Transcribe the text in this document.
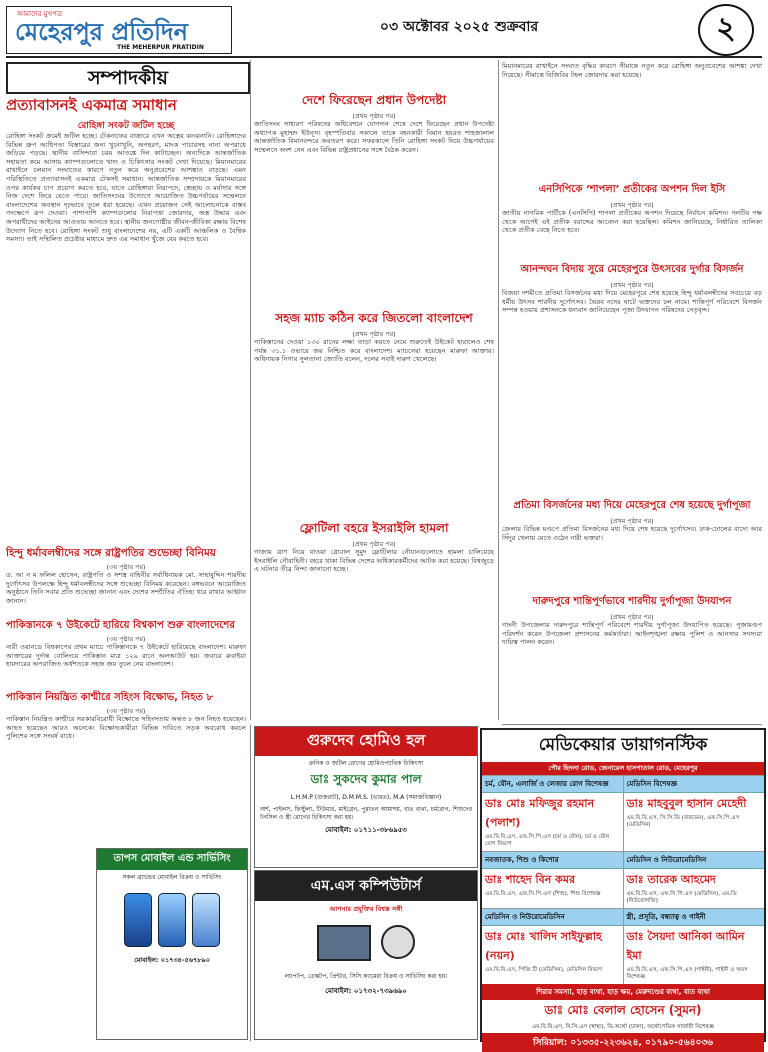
আমাদের মুখপত্র
মেহেরপুর প্রতিদিন
THE MEHERPUR PRATIDIN
০৩ অক্টোবর ২০২৫ শুক্রবার	২
সম্পাদকীয়
প্রত্যাবাসনই একমাত্র সমাধান
রোহিঙ্গা সংকট জটিল হচ্ছে
রোহিঙ্গা সংকট ক্রমেই জটিল হচ্ছে। টেকনাফের বাজারে এখন অস্ত্রের ঝনঝনানি। রোহিঙ্গাদের বিভিন্ন গ্রুপ আধিপত্য বিস্তারের জন্য খুনোখুনি, অপহরণ, মাদক পাচারসহ নানা অপরাধে জড়িয়ে পড়ছে। স্থানীয় বাসিন্দারা চরম আতঙ্কে দিন কাটাচ্ছেন। অন্যদিকে আন্তর্জাতিক সহায়তা কমে আসায় ক্যাম্পগুলোতে খাদ্য ও চিকিৎসার সংকট দেখা দিয়েছে। মিয়ানমারের রাখাইনে চলমান সংঘাতের কারণে নতুন করে অনুপ্রবেশের আশঙ্কাও বাড়ছে। এমন পরিস্থিতিতে প্রত্যাবাসনই একমাত্র টেকসই সমাধান। আন্তর্জাতিক সম্প্রদায়কে মিয়ানমারের ওপর কার্যকর চাপ প্রয়োগ করতে হবে, যাতে রোহিঙ্গারা নিরাপদে, স্বেচ্ছায় ও মর্যাদার সঙ্গে নিজ দেশে ফিরে যেতে পারে। জাতিসংঘের উদ্যোগে আয়োজিত উচ্চপর্যায়ের সম্মেলনে বাংলাদেশের অবস্থান দৃঢ়ভাবে তুলে ধরা হয়েছে। এখন প্রয়োজন সেই আলোচনাকে বাস্তব পদক্ষেপে রূপ দেওয়া। পাশাপাশি ক্যাম্পগুলোর নিরাপত্তা জোরদার, অস্ত্র উদ্ধার এবং অপরাধীদের আইনের আওতায় আনতে হবে। স্থানীয় জনগোষ্ঠীর জীবন-জীবিকা রক্ষায় বিশেষ উদ্যোগ নিতে হবে। রোহিঙ্গা সংকট শুধু বাংলাদেশের নয়, এটি একটি আঞ্চলিক ও বৈশ্বিক সমস্যা। তাই সম্মিলিত প্রচেষ্টার মাধ্যমে দ্রুত এর সমাধান খুঁজে বের করতে হবে।
হিন্দু ধর্মাবলম্বীদের সঙ্গে রাষ্ট্রপতির শুভেচ্ছা বিনিময়
(৩য় পৃষ্ঠার পর)
ড. আ ন ম ফলিল হোসেন, রাষ্ট্রপতি ও সশস্ত্র বাহিনীর সর্বাধিনায়ক মো. সাহাবুদ্দিন শারদীয় দুর্গোৎসব উপলক্ষে হিন্দু ধর্মাবলম্বীদের সঙ্গে শুভেচ্ছা বিনিময় করেছেন। বঙ্গভবনে আয়োজিত অনুষ্ঠানে তিনি সবার প্রতি শুভেচ্ছা জানান এবং দেশের সম্প্রীতির ঐতিহ্য ধরে রাখার আহ্বান জানান।
পাকিস্তানকে ৭ উইকেটে হারিয়ে বিশ্বকাপ শুরু বাংলাদেশের
(৩য় পৃষ্ঠার পর)
নারী ওয়ানডে বিশ্বকাপের প্রথম ম্যাচে পাকিস্তানকে ৭ উইকেটে হারিয়েছে বাংলাদেশ। মারুফা আক্তারের দুর্দান্ত বোলিংয়ে পাকিস্তান মাত্র ১২৯ রানে অলআউট হয়। জবাবে রুবাইয়া হায়দারের অপরাজিত অর্ধশতকে সহজ জয় তুলে নেয় বাংলাদেশ।
পাকিস্তান নিয়ন্ত্রিত কাশ্মীরে সহিংস বিক্ষোভ, নিহত ৮
(৩য় পৃষ্ঠার পর)
পাকিস্তান নিয়ন্ত্রিত কাশ্মীরে সরকারবিরোধী বিক্ষোভে সহিংসতায় অন্তত ৮ জন নিহত হয়েছেন। আহত হয়েছেন আরও অনেকে। বিক্ষোভকারীরা বিভিন্ন দাবিতে সড়ক অবরোধ করলে পুলিশের সঙ্গে সংঘর্ষ বাধে।
তাপস মোবাইল এন্ড সার্ভিসিং
সকল ব্র্যান্ডের মোবাইল বিক্রয় ও সার্ভিসিং
মোবাইল: ০১৭৩৪-৫৬৭৮৯০
দেশে ফিরেছেন প্রধান উপদেষ্টা
(প্রথম পৃষ্ঠার পর)
জাতিসংঘ সাধারণ পরিষদের অধিবেশনে যোগদান শেষে দেশে ফিরেছেন প্রধান উপদেষ্টা অধ্যাপক মুহাম্মদ ইউনূস। বৃহস্পতিবার সকালে তাকে বহনকারী বিমান হযরত শাহজালাল আন্তর্জাতিক বিমানবন্দরে অবতরণ করে। সফরকালে তিনি রোহিঙ্গা সংকট নিয়ে উচ্চপর্যায়ের সম্মেলনে অংশ নেন এবং বিভিন্ন রাষ্ট্রপ্রধানের সঙ্গে বৈঠক করেন।
সহজ ম্যাচ কঠিন করে জিতলো বাংলাদেশ
(প্রথম পৃষ্ঠার পর)
পাকিস্তানের দেওয়া ১৩০ রানের লক্ষ্য তাড়া করতে নেমে শুরুতেই উইকেট হারালেও শেষ পর্যন্ত ৩১.১ ওভারে জয় নিশ্চিত করে বাংলাদেশ। ম্যাচসেরা হয়েছেন মারুফা আক্তার। অধিনায়ক নিগার সুলতানা জ্যোতি বলেন, দলের সবাই দারুণ খেলেছে।
ফ্লোটিলা বহরে ইসরাইলি হামলা
(প্রথম পৃষ্ঠার পর)
গাজায় ত্রাণ নিয়ে যাওয়া গ্লোবাল সুমুদ ফ্লোটিলার নৌযানগুলোতে হামলা চালিয়েছে ইসরাইলি নৌবাহিনী। বহরে থাকা বিভিন্ন দেশের অধিকারকর্মীদের আটক করা হয়েছে। বিশ্বজুড়ে এ ঘটনার তীব্র নিন্দা জানানো হচ্ছে।
আনন্দঘন বিদায় সুরে মেহেরপুরে উৎসবের দুর্গার বিসর্জন
(প্রথম পৃষ্ঠার পর)
বিজয়া দশমীতে প্রতিমা বিসর্জনের মধ্য দিয়ে মেহেরপুরে শেষ হয়েছে হিন্দু ধর্মাবলম্বীদের সবচেয়ে বড় ধর্মীয় উৎসব শারদীয় দুর্গোৎসব। ভৈরব নদের ঘাটে ভক্তদের ঢল নামে। শান্তিপূর্ণ পরিবেশে বিসর্জন সম্পন্ন হওয়ায় প্রশাসনকে ধন্যবাদ জানিয়েছেন পূজা উদযাপন পরিষদের নেতৃবৃন্দ।
প্রতিমা বিসর্জনের মধ্য দিয়ে মেহেরপুরে শেষ হয়েছে দুর্গাপূজা
(প্রথম পৃষ্ঠার পর)
জেলার বিভিন্ন মণ্ডপে প্রতিমা বিসর্জনের মধ্য দিয়ে শেষ হয়েছে দুর্গোৎসব। ঢাক-ঢোলের বাদ্যে আর সিঁদুর খেলায় মেতে ওঠেন নারী ভক্তরা।
দারুদপুরে শান্তিপূর্ণভাবে শারদীয় দুর্গাপূজা উদযাপন
(প্রথম পৃষ্ঠার পর)
গাংনী উপজেলার দারুদপুরে শান্তিপূর্ণ পরিবেশে শারদীয় দুর্গাপূজা উদযাপিত হয়েছে। পূজামণ্ডপ পরিদর্শন করেন উপজেলা প্রশাসনের কর্মকর্তারা। আইনশৃঙ্খলা রক্ষায় পুলিশ ও আনসার সদস্যরা দায়িত্ব পালন করেন।
মিয়ানমারের রাখাইনে সংঘাত বৃদ্ধির কারণে সীমান্তে নতুন করে রোহিঙ্গা অনুপ্রবেশের আশঙ্কা দেখা দিয়েছে। সীমান্তে বিজিবির টহল জোরদার করা হয়েছে।
এনসিপিকে ‘শাপলা’ প্রতীকের অপশন দিল ইসি
(প্রথম পৃষ্ঠার পর)
জাতীয় নাগরিক পার্টিকে (এনসিপি) শাপলা প্রতীকের অপশন দিয়েছে নির্বাচন কমিশন। দলটির পক্ষ থেকে আগেই এই প্রতীক বরাদ্দের আবেদন করা হয়েছিল। কমিশন জানিয়েছে, নির্ধারিত তালিকা থেকে প্রতীক বেছে নিতে হবে।
গুরুদেব হোমিও হল
ক্রনিক ও জটিল রোগের হোমিওপ্যাথিক চিকিৎসা
ডাঃ সুকদেব কুমার পাল
L.H.M.P (গুজরাট), D.M.M.S. (ভারত), M.A (সমাজবিজ্ঞান)
অর্শ, পাইলস, ফিস্টুলা, টিউমার, মাইগ্রেন, পুরাতন আমাশয়, বাত ব্যথা, চর্মরোগ, শিশুদের টনসিল ও স্ত্রী রোগের চিকিৎসা করা হয়।
মোবাইল: ০১৭১১-৩৮৬৯৫৩
এম.এস কম্পিউটার্স
আপনার প্রযুক্তির বিশ্বস্ত সঙ্গী
ল্যাপটপ, ডেস্কটপ, প্রিন্টার, সিসি ক্যামেরা বিক্রয় ও সার্ভিসিং করা হয়।
মোবাইল: ০১৭৩২-৭৩৯৬৯০
মেডিকেয়ার ডায়াগনস্টিক
পৌর ছিদলা রোড, জেনারেল হাসপাতাল রোড, মেহেরপুর
চর্ম, যৌন, এলার্জি ও লেজার রোগ বিশেষজ্ঞ
ডাঃ মোঃ মফিজুর রহমান (পলাশ)
এম.বি.বি.এস, এফ.সি.পি.এস (চর্ম ও যৌন), চর্ম ও যৌন রোগ বিভাগ
মেডিসিন বিশেষজ্ঞ
ডাঃ মাহবুবুল হাসান মেহেদী
এম.বি.বি.এস, সি.সি.ডি (বারডেম), এফ.সি.পি.এস (মেডিসিন)
নবজাতক, শিশু ও কিশোর
ডাঃ শাহেদ বিন কমর
এম.বি.বি.এস, এফ.সি.পি.এস (শিশু), শিশু বিশেষজ্ঞ
মেডিসিন ও নিউরোমেডিসিন
ডাঃ তারেক আহমেদ
এম.বি.বি.এস, এফ.সি.পি.এস (মেডিসিন), এম.ডি (নিউরোলজি)
মেডিসিন ও নিউরোমেডিসিন
ডাঃ মোঃ খালিদ সাইফুল্লাহ (নয়ন)
এম.বি.বি.এস, পিজি.টি (মেডিসিন), মেডিসিন বিভাগ
স্ত্রী, প্রসূতি, বন্ধ্যাত্ব ও গাইনী
ডাঃ সৈয়দা আনিকা আমিন ইমা
এম.বি.বি.এস, এফ.সি.পি.এস (গাইনী), গাইনী ও অবস বিশেষজ্ঞ
শিরার সমস্যা, হাড় ব্যথা, হাড় ক্ষয়, মেরুদণ্ডের ব্যথা, বাত ব্যথা
ডাঃ মোঃ বেলাল হোসেন (সুমন)
এম.বি.বি.এস, বি.সি.এস (স্বাস্থ্য), ডি.অর্থো (ঢাকা), অর্থোপেডিক সার্জারী বিশেষজ্ঞ
সিরিয়াল: ০১৩৩৫-২২৩৬২৪, ০১৭৯০-৫৬৪০৩৬
